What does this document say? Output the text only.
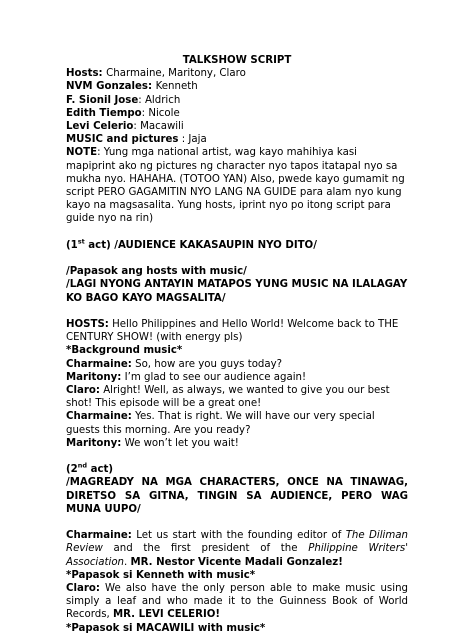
TALKSHOW SCRIPT
Hosts: Charmaine, Maritony, Claro
NVM Gonzales: Kenneth
F. Sionil Jose: Aldrich
Edith Tiempo: Nicole
Levi Celerio: Macawili
MUSIC and pictures : Jaja
NOTE: Yung mga national artist, wag kayo mahihiya kasi mapiprint ako ng pictures ng character nyo tapos itatapal nyo sa mukha nyo. HAHAHA. (TOTOO YAN) Also, pwede kayo gumamit ng script PERO GAGAMITIN NYO LANG NA GUIDE para alam nyo kung kayo na magsasalita. Yung hosts, iprint nyo po itong script para guide nyo na rin)
(1st act) /AUDIENCE KAKASAUPIN NYO DITO/
/Papasok ang hosts with music/
/LAGI NYONG ANTAYIN MATAPOS YUNG MUSIC NA ILALAGAY KO BAGO KAYO MAGSALITA/
HOSTS: Hello Philippines and Hello World! Welcome back to THE CENTURY SHOW! (with energy pls)
*Background music*
Charmaine: So, how are you guys today?
Maritony: I’m glad to see our audience again!
Claro: Alright! Well, as always, we wanted to give you our best shot! This episode will be a great one!
Charmaine: Yes. That is right. We will have our very special guests this morning. Are you ready?
Maritony: We won’t let you wait!
(2nd act)
/MAGREADY NA MGA CHARACTERS, ONCE NA TINAWAG, DIRETSO SA GITNA, TINGIN SA AUDIENCE, PERO WAG MUNA UUPO/
Charmaine: Let us start with the founding editor of The Diliman Review and the first president of the Philippine Writers' Association. MR. Nestor Vicente Madali Gonzalez!
*Papasok si Kenneth with music*
Claro: We also have the only person able to make music using simply a leaf and who made it to the Guinness Book of World Records, MR. LEVI CELERIO!
*Papasok si MACAWILI with music*
